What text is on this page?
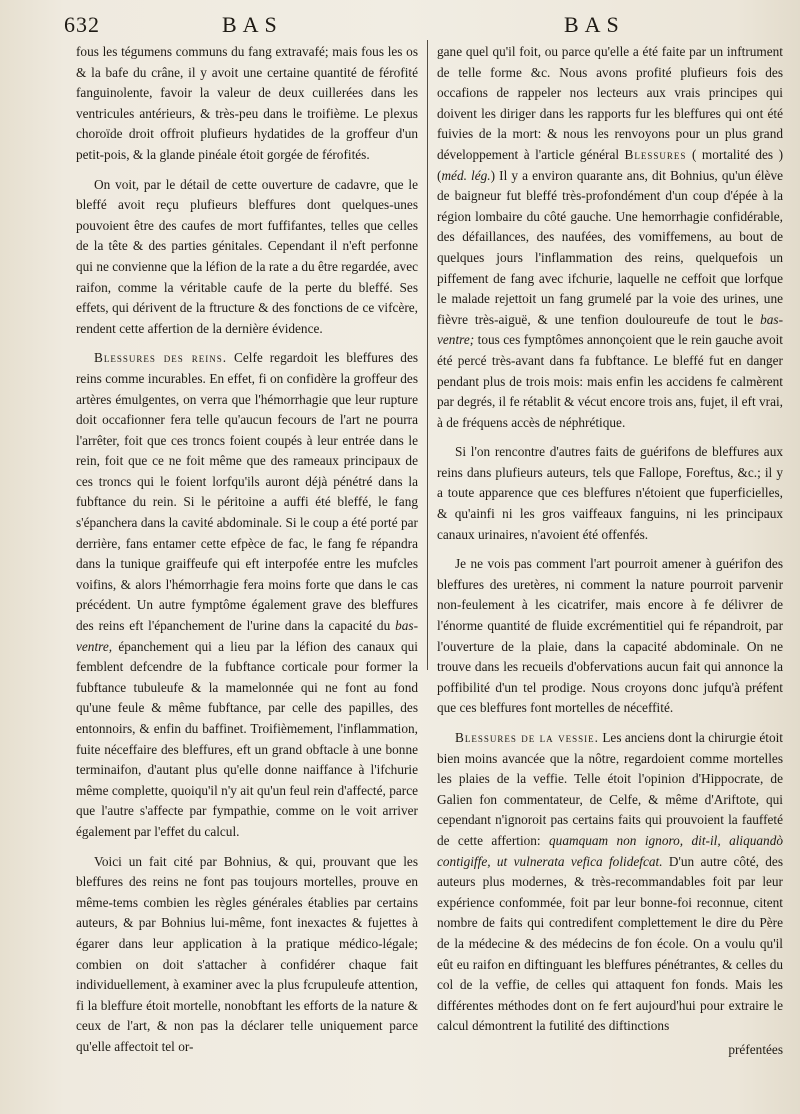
632	BAS	BAS

fous les tégumens communs du fang extravafé; mais fous les os & la bafe du crâne, il y avoit une certaine quantité de férofité fanguinolente, favoir la valeur de deux cuillerées dans les ventricules antérieurs, & très-peu dans le troifième. Le plexus choroïde droit offroit plufieurs hydatides de la groffeur d'un petit-pois, & la glande pinéale étoit gorgée de férofités.

On voit, par le détail de cette ouverture de cadavre, que le bleffé avoit reçu plufieurs bleffures dont quelques-unes pouvoient être des caufes de mort fuffifantes, telles que celles de la tête & des parties génitales. Cependant il n'eft perfonne qui ne convienne que la léfion de la rate a du être regardée, avec raifon, comme la véritable caufe de la perte du bleffé. Ses effets, qui dérivent de la ftructure & des fonctions de ce vifcère, rendent cette affertion de la dernière évidence.

Blessures des reins. Celfe regardoit les bleffures des reins comme incurables. En effet, fi on confidère la groffeur des artères émulgentes, on verra que l'hémorrhagie que leur rupture doit occafionner fera telle qu'aucun fecours de l'art ne pourra l'arrêter, foit que ces troncs foient coupés à leur entrée dans le rein, foit que ce ne foit même que des rameaux principaux de ces troncs qui le foient lorfqu'ils auront déjà pénétré dans la fubftance du rein. Si le péritoine a auffi été bleffé, le fang s'épanchera dans la cavité abdominale. Si le coup a été porté par derrière, fans entamer cette efpèce de fac, le fang fe répandra dans la tunique graiffeufe qui eft interpofée entre les mufcles voifins, & alors l'hémorrhagie fera moins forte que dans le cas précédent. Un autre fymptôme également grave des bleffures des reins eft l'épanchement de l'urine dans la capacité du bas-ventre, épanchement qui a lieu par la léfion des canaux qui femblent defcendre de la fubftance corticale pour former la fubftance tubuleufe & la mamelonnée qui ne font au fond qu'une feule & même fubftance, par celle des papilles, des entonnoirs, & enfin du baffinet. Troifièmement, l'inflammation, fuite néceffaire des bleffures, eft un grand obftacle à une bonne terminaifon, d'autant plus qu'elle donne naiffance à l'ifchurie même complette, quoiqu'il n'y ait qu'un feul rein d'affecté, parce que l'autre s'affecte par fympathie, comme on le voit arriver également par l'effet du calcul.

Voici un fait cité par Bohnius, & qui, prouvant que les bleffures des reins ne font pas toujours mortelles, prouve en même-tems combien les règles générales établies par certains auteurs, & par Bohnius lui-même, font inexactes & fujettes à égarer dans leur application à la pratique médico-légale; combien on doit s'attacher à confidérer chaque fait individuellement, à examiner avec la plus fcrupuleufe attention, fi la bleffure étoit mortelle, nonobftant les efforts de la nature & ceux de l'art, & non pas la déclarer telle uniquement parce qu'elle affectoit tel or-

gane quel qu'il foit, ou parce qu'elle a été faite par un inftrument de telle forme &c. Nous avons profité plufieurs fois des occafions de rappeler nos lecteurs aux vrais principes qui doivent les diriger dans les rapports fur les bleffures qui ont été fuivies de la mort: & nous les renvoyons pour un plus grand développement à l'article général Blessures ( mortalité des ) (méd. lég.) Il y a environ quarante ans, dit Bohnius, qu'un élève de baigneur fut bleffé très-profondément d'un coup d'épée à la région lombaire du côté gauche. Une hemorrhagie confidérable, des défaillances, des naufées, des vomiffemens, au bout de quelques jours l'inflammation des reins, quelquefois un piffement de fang avec ifchurie, laquelle ne ceffoit que lorfque le malade rejettoit un fang grumelé par la voie des urines, une fièvre très-aiguë, & une tenfion douloureufe de tout le bas-ventre; tous ces fymptômes annonçoient que le rein gauche avoit été percé très-avant dans fa fubftance. Le bleffé fut en danger pendant plus de trois mois: mais enfin les accidens fe calmèrent par degrés, il fe rétablit & vécut encore trois ans, fujet, il eft vrai, à de fréquens accès de néphrétique.

Si l'on rencontre d'autres faits de guérifons de bleffures aux reins dans plufieurs auteurs, tels que Fallope, Foreftus, &c.; il y a toute apparence que ces bleffures n'étoient que fuperficielles, & qu'ainfi ni les gros vaiffeaux fanguins, ni les principaux canaux urinaires, n'avoient été offenfés.

Je ne vois pas comment l'art pourroit amener à guérifon des bleffures des uretères, ni comment la nature pourroit parvenir non-feulement à les cicatrifer, mais encore à fe délivrer de l'énorme quantité de fluide excrémentitiel qui fe répandroit, par l'ouverture de la plaie, dans la capacité abdominale. On ne trouve dans les recueils d'obfervations aucun fait qui annonce la poffibilité d'un tel prodige. Nous croyons donc jufqu'à préfent que ces bleffures font mortelles de néceffité.

Blessures de la vessie. Les anciens dont la chirurgie étoit bien moins avancée que la nôtre, regardoient comme mortelles les plaies de la veffie. Telle étoit l'opinion d'Hippocrate, de Galien fon commentateur, de Celfe, & même d'Ariftote, qui cependant n'ignoroit pas certains faits qui prouvoient la fauffeté de cette affertion: quamquam non ignoro, dit-il, aliquandò contigiffe, ut vulnerata vefica folidefcat. D'un autre côté, des auteurs plus modernes, & très-recommandables foit par leur expérience confommée, foit par leur bonne-foi reconnue, citent nombre de faits qui contredifent complettement le dire du Père de la médecine & des médecins de fon école. On a voulu qu'il eût eu raifon en diftinguant les bleffures pénétrantes, & celles du col de la veffie, de celles qui attaquent fon fonds. Mais les différentes méthodes dont on fe fert aujourd'hui pour extraire le calcul démontrent la futilité des diftinctions

préfentées
